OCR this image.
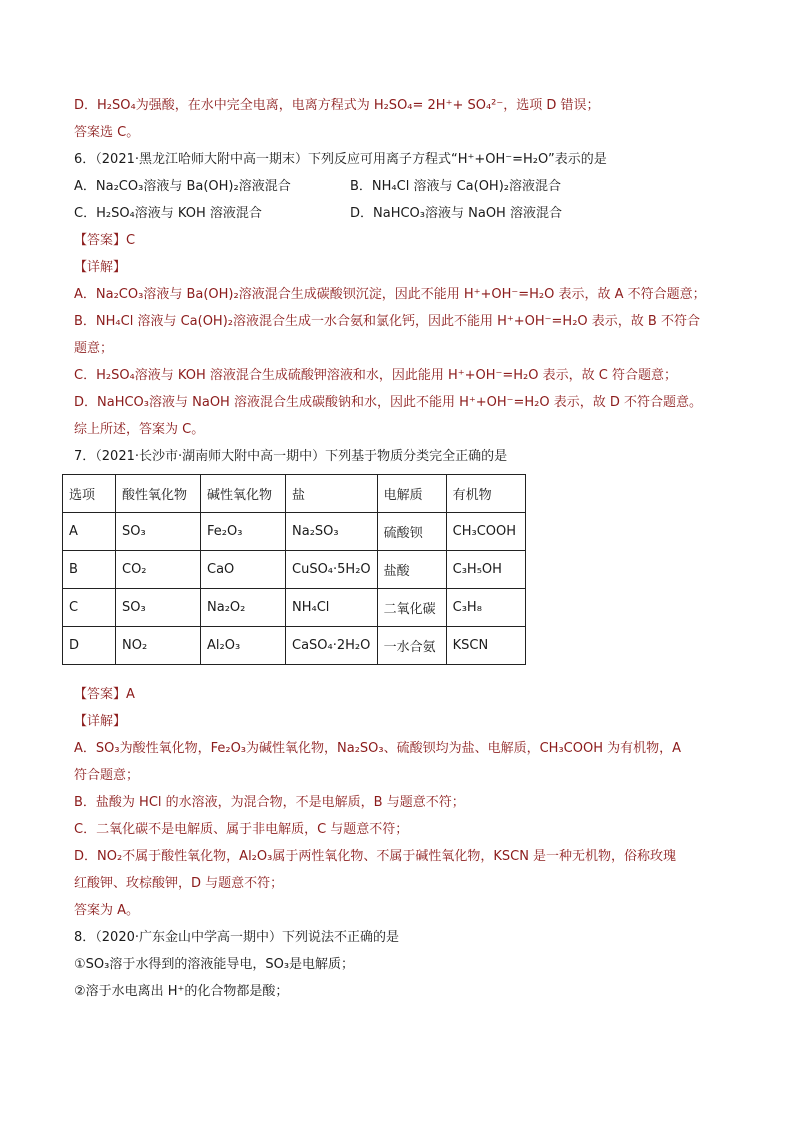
D．H₂SO₄为强酸，在水中完全电离，电离方程式为 H₂SO₄= 2H⁺+ SO₄²⁻，选项 D 错误；
答案选 C。
6．（2021·黑龙江哈师大附中高一期末）下列反应可用离子方程式“H⁺+OH⁻=H₂O”表示的是
A．Na₂CO₃溶液与 Ba(OH)₂溶液混合	B．NH₄Cl 溶液与 Ca(OH)₂溶液混合
C．H₂SO₄溶液与 KOH 溶液混合	D．NaHCO₃溶液与 NaOH 溶液混合
【答案】C
【详解】
A．Na₂CO₃溶液与 Ba(OH)₂溶液混合生成碳酸钡沉淀，因此不能用 H⁺+OH⁻=H₂O 表示，故 A 不符合题意；
B．NH₄Cl 溶液与 Ca(OH)₂溶液混合生成一水合氨和氯化钙，因此不能用 H⁺+OH⁻=H₂O 表示，故 B 不符合
题意；
C．H₂SO₄溶液与 KOH 溶液混合生成硫酸钾溶液和水，因此能用 H⁺+OH⁻=H₂O 表示，故 C 符合题意；
D．NaHCO₃溶液与 NaOH 溶液混合生成碳酸钠和水，因此不能用 H⁺+OH⁻=H₂O 表示，故 D 不符合题意。
综上所述，答案为 C。
7．（2021·长沙市·湖南师大附中高一期中）下列基于物质分类完全正确的是
选项	酸性氧化物	碱性氧化物	盐	电解质	有机物
A	SO₃	Fe₂O₃	Na₂SO₃	硫酸钡	CH₃COOH
B	CO₂	CaO	CuSO₄·5H₂O	盐酸	C₃H₅OH
C	SO₃	Na₂O₂	NH₄Cl	二氧化碳	C₃H₈
D	NO₂	Al₂O₃	CaSO₄·2H₂O	一水合氨	KSCN
【答案】A
【详解】
A．SO₃为酸性氧化物，Fe₂O₃为碱性氧化物，Na₂SO₃、硫酸钡均为盐、电解质，CH₃COOH 为有机物，A
符合题意；
B．盐酸为 HCl 的水溶液，为混合物，不是电解质，B 与题意不符；
C．二氧化碳不是电解质、属于非电解质，C 与题意不符；
D．NO₂不属于酸性氧化物，Al₂O₃属于两性氧化物、不属于碱性氧化物，KSCN 是一种无机物，俗称玫瑰
红酸钾、玫棕酸钾，D 与题意不符；
答案为 A。
8．（2020·广东金山中学高一期中）下列说法不正确的是
①SO₃溶于水得到的溶液能导电，SO₃是电解质；
②溶于水电离出 H⁺的化合物都是酸；
